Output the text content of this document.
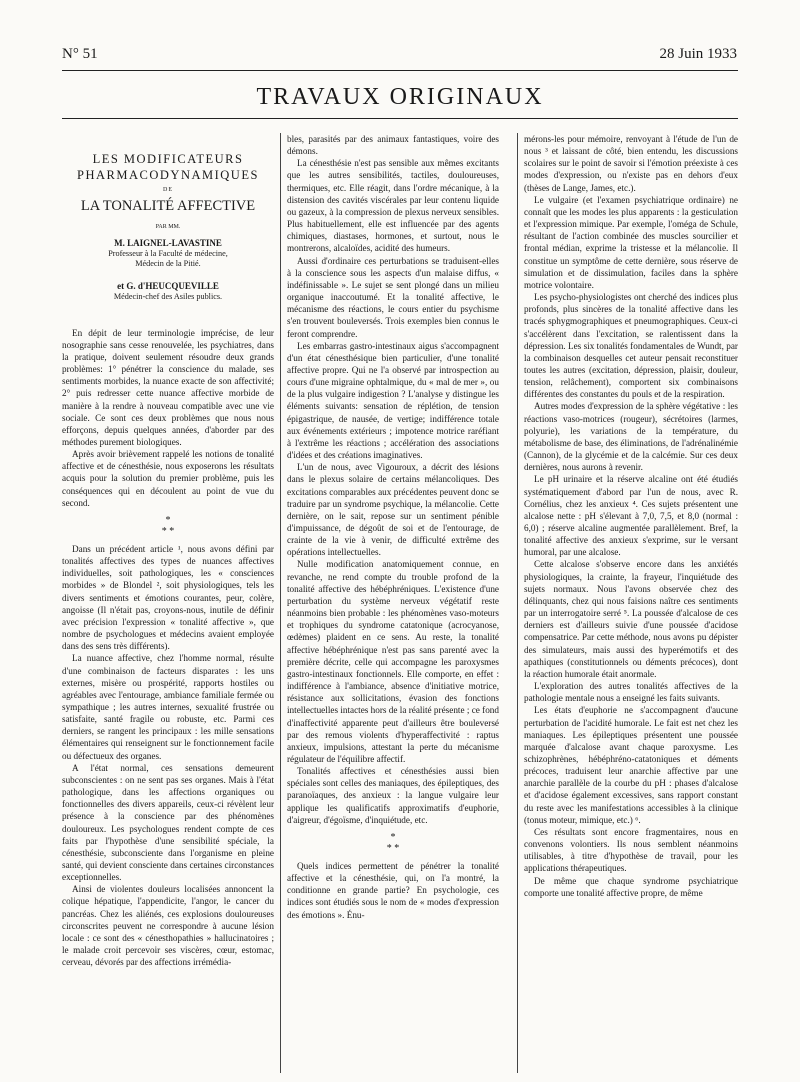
N° 51	28 Juin 1933
TRAVAUX ORIGINAUX

LES MODIFICATEURS

PHARMACODYNAMIQUES

DE

LA TONALITÉ AFFECTIVE

PAR MM.

M. LAIGNEL-LAVASTINE

Professeur à la Faculté de médecine,

Médecin de la Pitié.

et G. d'HEUCQUEVILLE

Médecin-chef des Asiles publics.

En dépit de leur terminologie imprécise, de leur nosographie sans cesse renouvelée, les psychiatres, dans la pratique, doivent seulement résoudre deux grands problèmes: 1° pénétrer la conscience du malade, ses sentiments morbides, la nuance exacte de son affectivité; 2° puis redresser cette nuance affective morbide de manière à la rendre à nouveau compatible avec une vie sociale. Ce sont ces deux problèmes que nous nous efforçons, depuis quelques années, d'aborder par des méthodes purement biologiques.

Après avoir brièvement rappelé les notions de tonalité affective et de cénesthésie, nous exposerons les résultats acquis pour la solution du premier problème, puis les conséquences qui en découlent au point de vue du second.

*
* *

Dans un précédent article ¹, nous avons défini par tonalités affectives des types de nuances affectives individuelles, soit pathologiques, les « consciences morbides » de Blondel ², soit physiologiques, tels les divers sentiments et émotions courantes, peur, colère, angoisse (Il n'était pas, croyons-nous, inutile de définir avec précision l'expression « tonalité affective », que nombre de psychologues et médecins avaient employée dans des sens très différents).

La nuance affective, chez l'homme normal, résulte d'une combinaison de facteurs disparates : les uns externes, misère ou prospérité, rapports hostiles ou agréables avec l'entourage, ambiance familiale fermée ou sympathique ; les autres internes, sexualité frustrée ou satisfaite, santé fragile ou robuste, etc. Parmi ces derniers, se rangent les principaux : les mille sensations élémentaires qui renseignent sur le fonctionnement facile ou défectueux des organes.

A l'état normal, ces sensations demeurent subconscientes : on ne sent pas ses organes. Mais à l'état pathologique, dans les affections organiques ou fonctionnelles des divers appareils, ceux-ci révèlent leur présence à la conscience par des phénomènes douloureux. Les psychologues rendent compte de ces faits par l'hypothèse d'une sensibilité spéciale, la cénesthésie, subconsciente dans l'organisme en pleine santé, qui devient consciente dans certaines circonstances exceptionnelles.

Ainsi de violentes douleurs localisées annoncent la colique hépatique, l'appendicite, l'angor, le cancer du pancréas. Chez les aliénés, ces explosions douloureuses circonscrites peuvent ne correspondre à aucune lésion locale : ce sont des « cénesthopathies » hallucinatoires ; le malade croit percevoir ses viscères, cœur, estomac, cerveau, dévorés par des affections irrémédia-

bles, parasités par des animaux fantastiques, voire des démons.

La cénesthésie n'est pas sensible aux mêmes excitants que les autres sensibilités, tactiles, douloureuses, thermiques, etc. Elle réagit, dans l'ordre mécanique, à la distension des cavités viscérales par leur contenu liquide ou gazeux, à la compression de plexus nerveux sensibles. Plus habituellement, elle est influencée par des agents chimiques, diastases, hormones, et surtout, nous le montrerons, alcaloïdes, acidité des humeurs.

Aussi d'ordinaire ces perturbations se traduisent-elles à la conscience sous les aspects d'un malaise diffus, « indéfinissable ». Le sujet se sent plongé dans un milieu organique inaccoutumé. Et la tonalité affective, le mécanisme des réactions, le cours entier du psychisme s'en trouvent bouleversés. Trois exemples bien connus le feront comprendre.

Les embarras gastro-intestinaux aigus s'accompagnent d'un état cénesthésique bien particulier, d'une tonalité affective propre. Qui ne l'a observé par introspection au cours d'une migraine ophtalmique, du « mal de mer », ou de la plus vulgaire indigestion ? L'analyse y distingue les éléments suivants: sensation de réplétion, de tension épigastrique, de nausée, de vertige; indifférence totale aux événements extérieurs ; impotence motrice raréfiant à l'extrême les réactions ; accélération des associations d'idées et des créations imaginatives.

L'un de nous, avec Vigouroux, a décrit des lésions dans le plexus solaire de certains mélancoliques. Des excitations comparables aux précédentes peuvent donc se traduire par un syndrome psychique, la mélancolie. Cette dernière, on le sait, repose sur un sentiment pénible d'impuissance, de dégoût de soi et de l'entourage, de crainte de la vie à venir, de difficulté extrême des opérations intellectuelles.

Nulle modification anatomiquement connue, en revanche, ne rend compte du trouble profond de la tonalité affective des hébéphréniques. L'existence d'une perturbation du système nerveux végétatif reste néanmoins bien probable : les phénomènes vaso-moteurs et trophiques du syndrome catatonique (acrocyanose, œdèmes) plaident en ce sens. Au reste, la tonalité affective hébéphrénique n'est pas sans parenté avec la première décrite, celle qui accompagne les paroxysmes gastro-intestinaux fonctionnels. Elle comporte, en effet : indifférence à l'ambiance, absence d'initiative motrice, résistance aux sollicitations, évasion des fonctions intellectuelles intactes hors de la réalité présente ; ce fond d'inaffectivité apparente peut d'ailleurs être bouleversé par des remous violents d'hyperaffectivité : raptus anxieux, impulsions, attestant la perte du mécanisme régulateur de l'équilibre affectif.

Tonalités affectives et cénesthésies aussi bien spéciales sont celles des maniaques, des épileptiques, des paranoïaques, des anxieux : la langue vulgaire leur applique les qualificatifs approximatifs d'euphorie, d'aigreur, d'égoïsme, d'inquiétude, etc.

*
* *

Quels indices permettent de pénétrer la tonalité affective et la cénesthésie, qui, on l'a montré, la conditionne en grande partie? En psychologie, ces indices sont étudiés sous le nom de « modes d'expression des émotions ». Énu-

mérons-les pour mémoire, renvoyant à l'étude de l'un de nous ³ et laissant de côté, bien entendu, les discussions scolaires sur le point de savoir si l'émotion préexiste à ces modes d'expression, ou n'existe pas en dehors d'eux (thèses de Lange, James, etc.).

Le vulgaire (et l'examen psychiatrique ordinaire) ne connaît que les modes les plus apparents : la gesticulation et l'expression mimique. Par exemple, l'oméga de Schule, résultant de l'action combinée des muscles sourcilier et frontal médian, exprime la tristesse et la mélancolie. Il constitue un symptôme de cette dernière, sous réserve de simulation et de dissimulation, faciles dans la sphère motrice volontaire.

Les psycho-physiologistes ont cherché des indices plus profonds, plus sincères de la tonalité affective dans les tracés sphygmographiques et pneumographiques. Ceux-ci s'accélèrent dans l'excitation, se ralentissent dans la dépression. Les six tonalités fondamentales de Wundt, par la combinaison desquelles cet auteur pensait reconstituer toutes les autres (excitation, dépression, plaisir, douleur, tension, relâchement), comportent six combinaisons différentes des constantes du pouls et de la respiration.

Autres modes d'expression de la sphère végétative : les réactions vaso-motrices (rougeur), sécrétoires (larmes, polyurie), les variations de la température, du métabolisme de base, des éliminations, de l'adrénalinémie (Cannon), de la glycémie et de la calcémie. Sur ces deux dernières, nous aurons à revenir.

Le pH urinaire et la réserve alcaline ont été étudiés systématiquement d'abord par l'un de nous, avec R. Cornélius, chez les anxieux ⁴. Ces sujets présentent une alcalose nette : pH s'élevant à 7,0, 7,5, et 8,0 (normal : 6,0) ; réserve alcaline augmentée parallèlement. Bref, la tonalité affective des anxieux s'exprime, sur le versant humoral, par une alcalose.

Cette alcalose s'observe encore dans les anxiétés physiologiques, la crainte, la frayeur, l'inquiétude des sujets normaux. Nous l'avons observée chez des délinquants, chez qui nous faisions naître ces sentiments par un interrogatoire serré ⁵. La poussée d'alcalose de ces derniers est d'ailleurs suivie d'une poussée d'acidose compensatrice. Par cette méthode, nous avons pu dépister des simulateurs, mais aussi des hyperémotifs et des apathiques (constitutionnels ou déments précoces), dont la réaction humorale était anormale.

L'exploration des autres tonalités affectives de la pathologie mentale nous a enseigné les faits suivants.

Les états d'euphorie ne s'accompagnent d'aucune perturbation de l'acidité humorale. Le fait est net chez les maniaques. Les épileptiques présentent une poussée marquée d'alcalose avant chaque paroxysme. Les schizophrènes, hébéphréno-catatoniques et déments précoces, traduisent leur anarchie affective par une anarchie parallèle de la courbe du pH : phases d'alcalose et d'acidose également excessives, sans rapport constant du reste avec les manifestations accessibles à la clinique (tonus moteur, mimique, etc.) ⁶.

Ces résultats sont encore fragmentaires, nous en convenons volontiers. Ils nous semblent néanmoins utilisables, à titre d'hypothèse de travail, pour les applications thérapeutiques.

De même que chaque syndrome psychiatrique comporte une tonalité affective propre, de même
